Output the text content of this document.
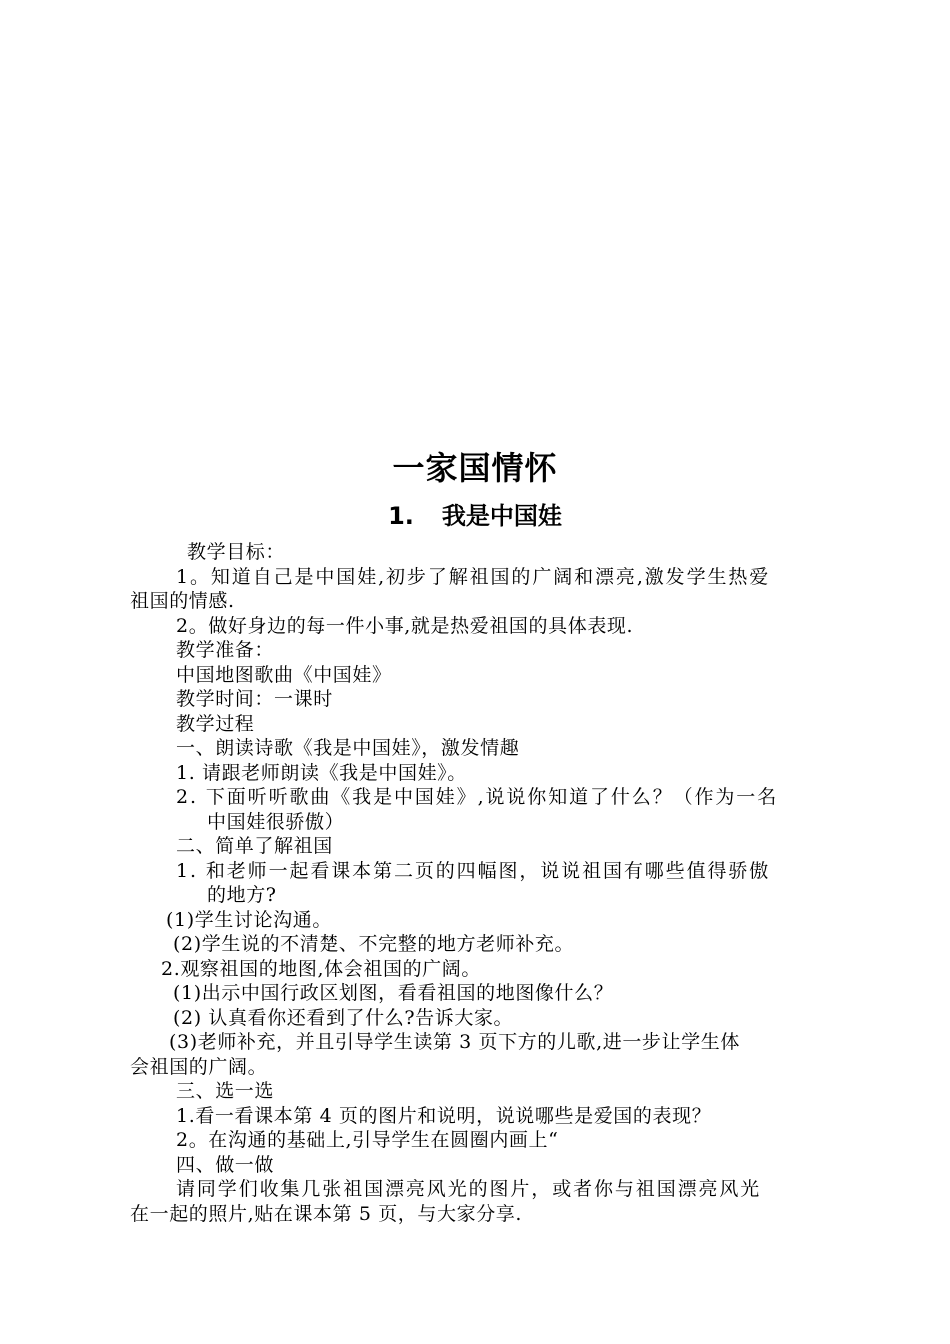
一家国情怀
1. 我是中国娃
教学目标：
1。知道自己是中国娃,初步了解祖国的广阔和漂亮,激发学生热爱
祖国的情感.
2。做好身边的每一件小事,就是热爱祖国的具体表现.
教学准备：
中国地图歌曲《中国娃》
教学时间：一课时
教学过程
一、朗读诗歌《我是中国娃》，激发情趣
1. 请跟老师朗读《我是中国娃》。
2. 下面听听歌曲《我是中国娃》,说说你知道了什么？（作为一名
中国娃很骄傲）
二、简单了解祖国
1. 和老师一起看课本第二页的四幅图，说说祖国有哪些值得骄傲
的地方?
(1)学生讨论沟通。
(2)学生说的不清楚、不完整的地方老师补充。
2.观察祖国的地图,体会祖国的广阔。
(1)出示中国行政区划图，看看祖国的地图像什么？
(2) 认真看你还看到了什么?告诉大家。
(3)老师补充，并且引导学生读第 3 页下方的儿歌,进一步让学生体
会祖国的广阔。
三、选一选
1.看一看课本第 4 页的图片和说明，说说哪些是爱国的表现？
2。在沟通的基础上,引导学生在圆圈内画上“
四、做一做
请同学们收集几张祖国漂亮风光的图片，或者你与祖国漂亮风光
在一起的照片,贴在课本第 5 页，与大家分享.
